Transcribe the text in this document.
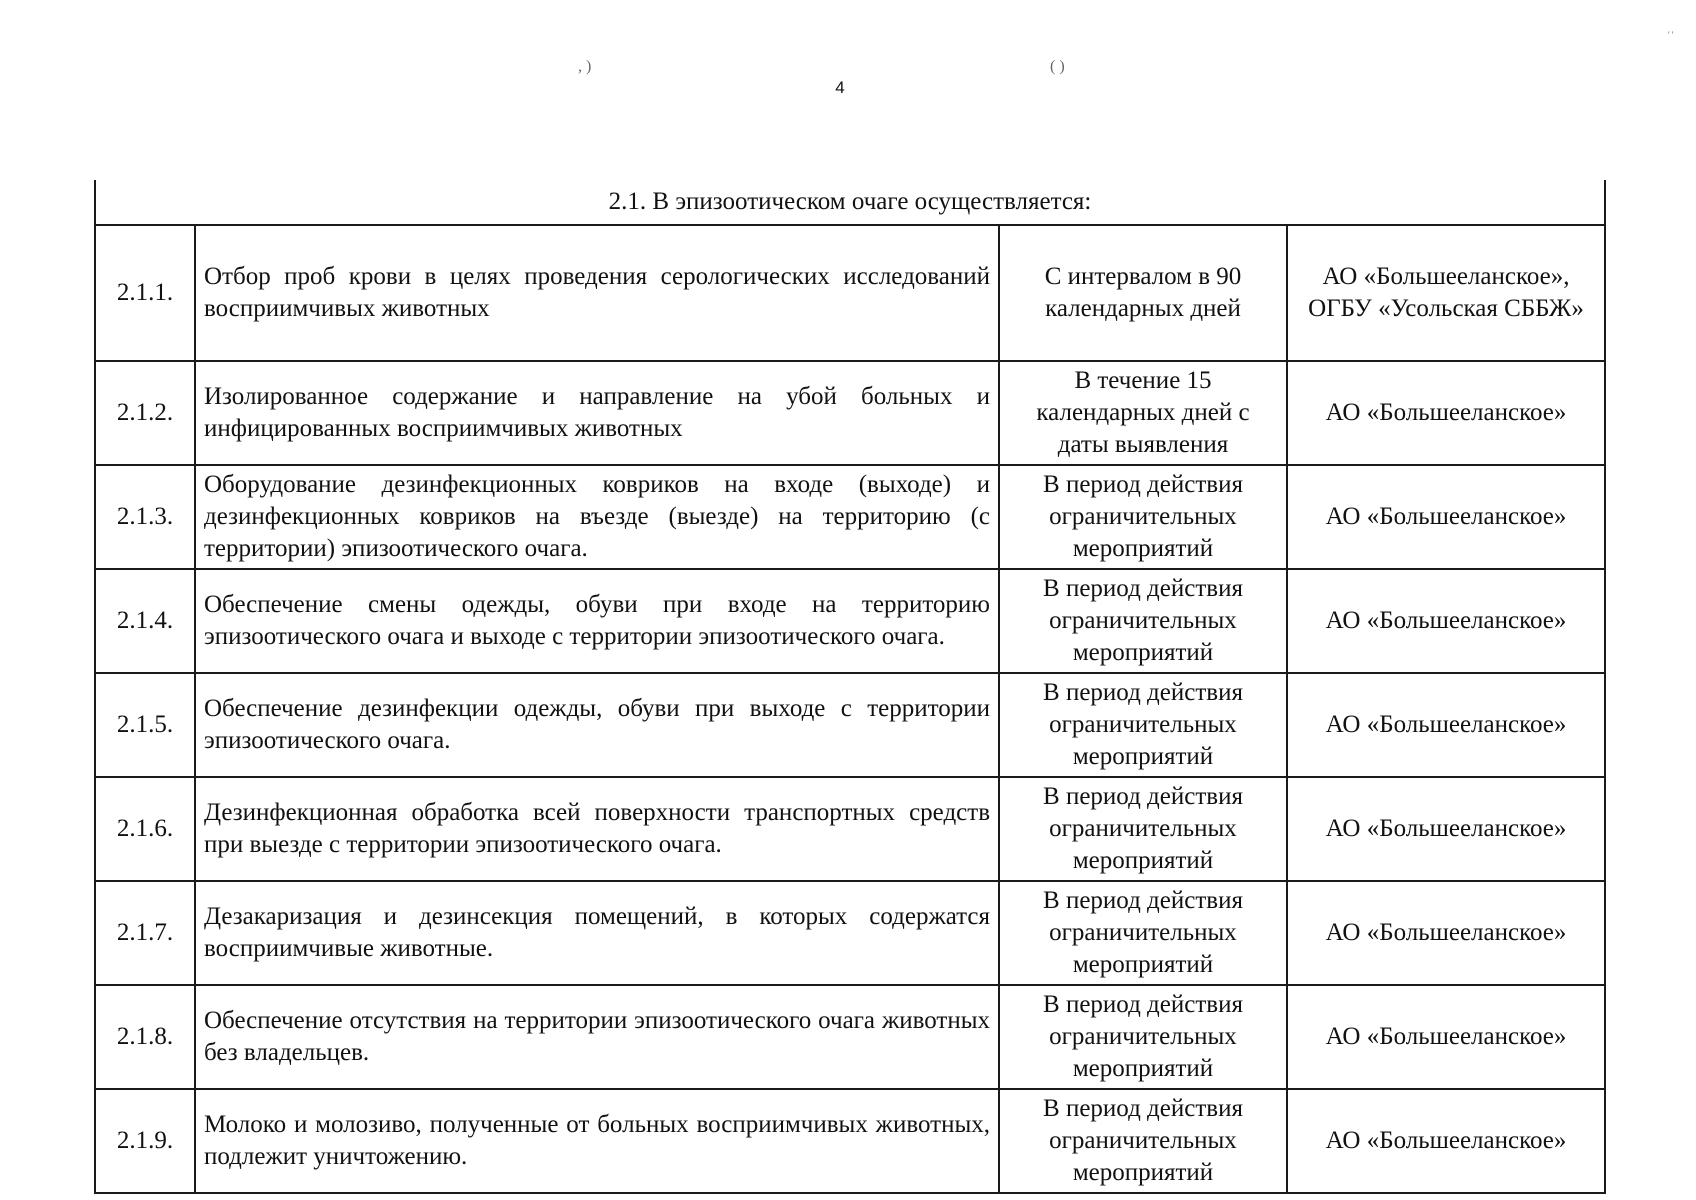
, )	( )
' '
4
2.1. В эпизоотическом очаге осуществляется:			
2.1.1.	Отбор проб крови в целях проведения серологических исследований восприимчивых животных	С интервалом в 90 календарных дней	АО «Большееланское», ОГБУ «Усольская СББЖ»
2.1.2.	Изолированное содержание и направление на убой больных и инфицированных восприимчивых животных	В течение 15 календарных дней с даты выявления	АО «Большееланское»
2.1.3.	Оборудование дезинфекционных ковриков на входе (выходе) и дезинфекционных ковриков на въезде (выезде) на территорию (с территории) эпизоотического очага.	В период действия ограничительных мероприятий	АО «Большееланское»
2.1.4.	Обеспечение смены одежды, обуви при входе на территорию эпизоотического очага и выходе с территории эпизоотического очага.	В период действия ограничительных мероприятий	АО «Большееланское»
2.1.5.	Обеспечение дезинфекции одежды, обуви при выходе с территории эпизоотического очага.	В период действия ограничительных мероприятий	АО «Большееланское»
2.1.6.	Дезинфекционная обработка всей поверхности транспортных средств при выезде с территории эпизоотического очага.	В период действия ограничительных мероприятий	АО «Большееланское»
2.1.7.	Дезакаризация и дезинсекция помещений, в которых содержатся восприимчивые животные.	В период действия ограничительных мероприятий	АО «Большееланское»
2.1.8.	Обеспечение отсутствия на территории эпизоотического очага животных без владельцев.	В период действия ограничительных мероприятий	АО «Большееланское»
2.1.9.	Молоко и молозиво, полученные от больных восприимчивых животных, подлежит уничтожению.	В период действия ограничительных мероприятий	АО «Большееланское»
